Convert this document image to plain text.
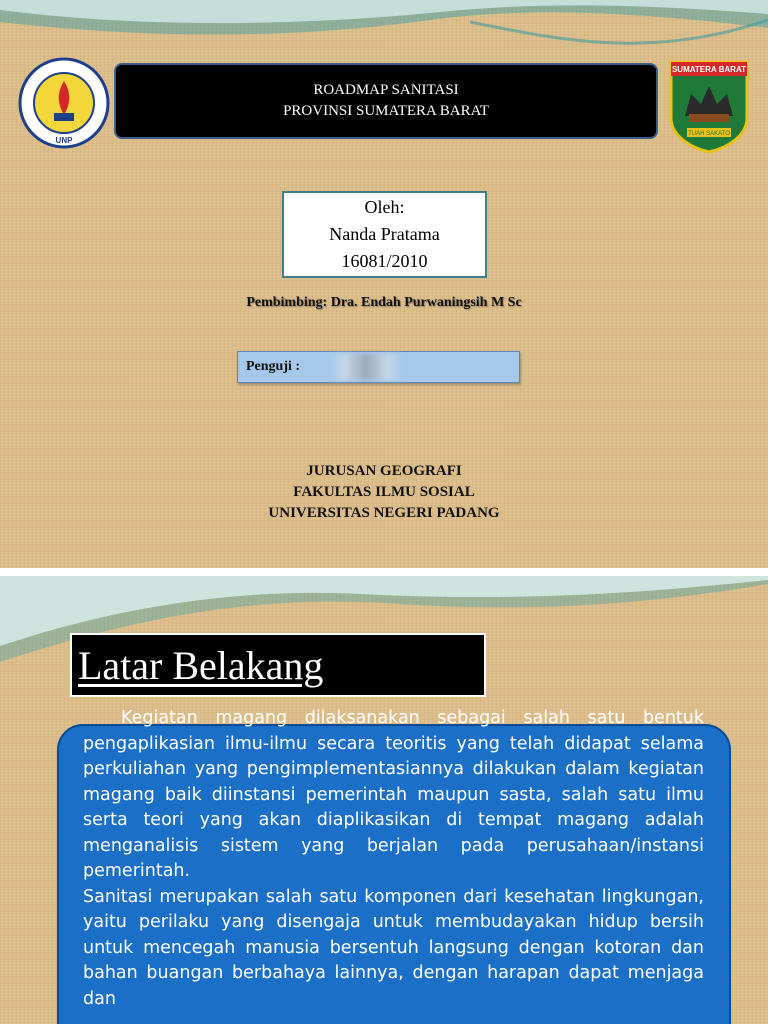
UNP
SUMATERA BARAT
TUAH SAKATO
ROADMAP SANITASI
PROVINSI SUMATERA BARAT
Oleh:
Nanda Pratama
16081/2010
Pembimbing: Dra. Endah Purwaningsih M Sc
Penguji :
JURUSAN GEOGRAFI
FAKULTAS ILMU SOSIAL
UNIVERSITAS NEGERI PADANG
Latar Belakang

Kegiatan magang dilaksanakan sebagai salah satu bentuk pengaplikasian ilmu-ilmu secara teoritis yang telah didapat selama perkuliahan yang pengimplementasiannya dilakukan dalam kegiatan magang baik diinstansi pemerintah maupun sasta, salah satu ilmu serta teori yang akan diaplikasikan di tempat magang adalah menganalisis sistem yang berjalan pada perusahaan/instansi pemerintah.

Sanitasi merupakan salah satu komponen dari kesehatan lingkungan, yaitu perilaku yang disengaja untuk membudayakan hidup bersih untuk mencegah manusia bersentuh langsung dengan kotoran dan bahan buangan berbahaya lainnya, dengan harapan dapat menjaga dan
